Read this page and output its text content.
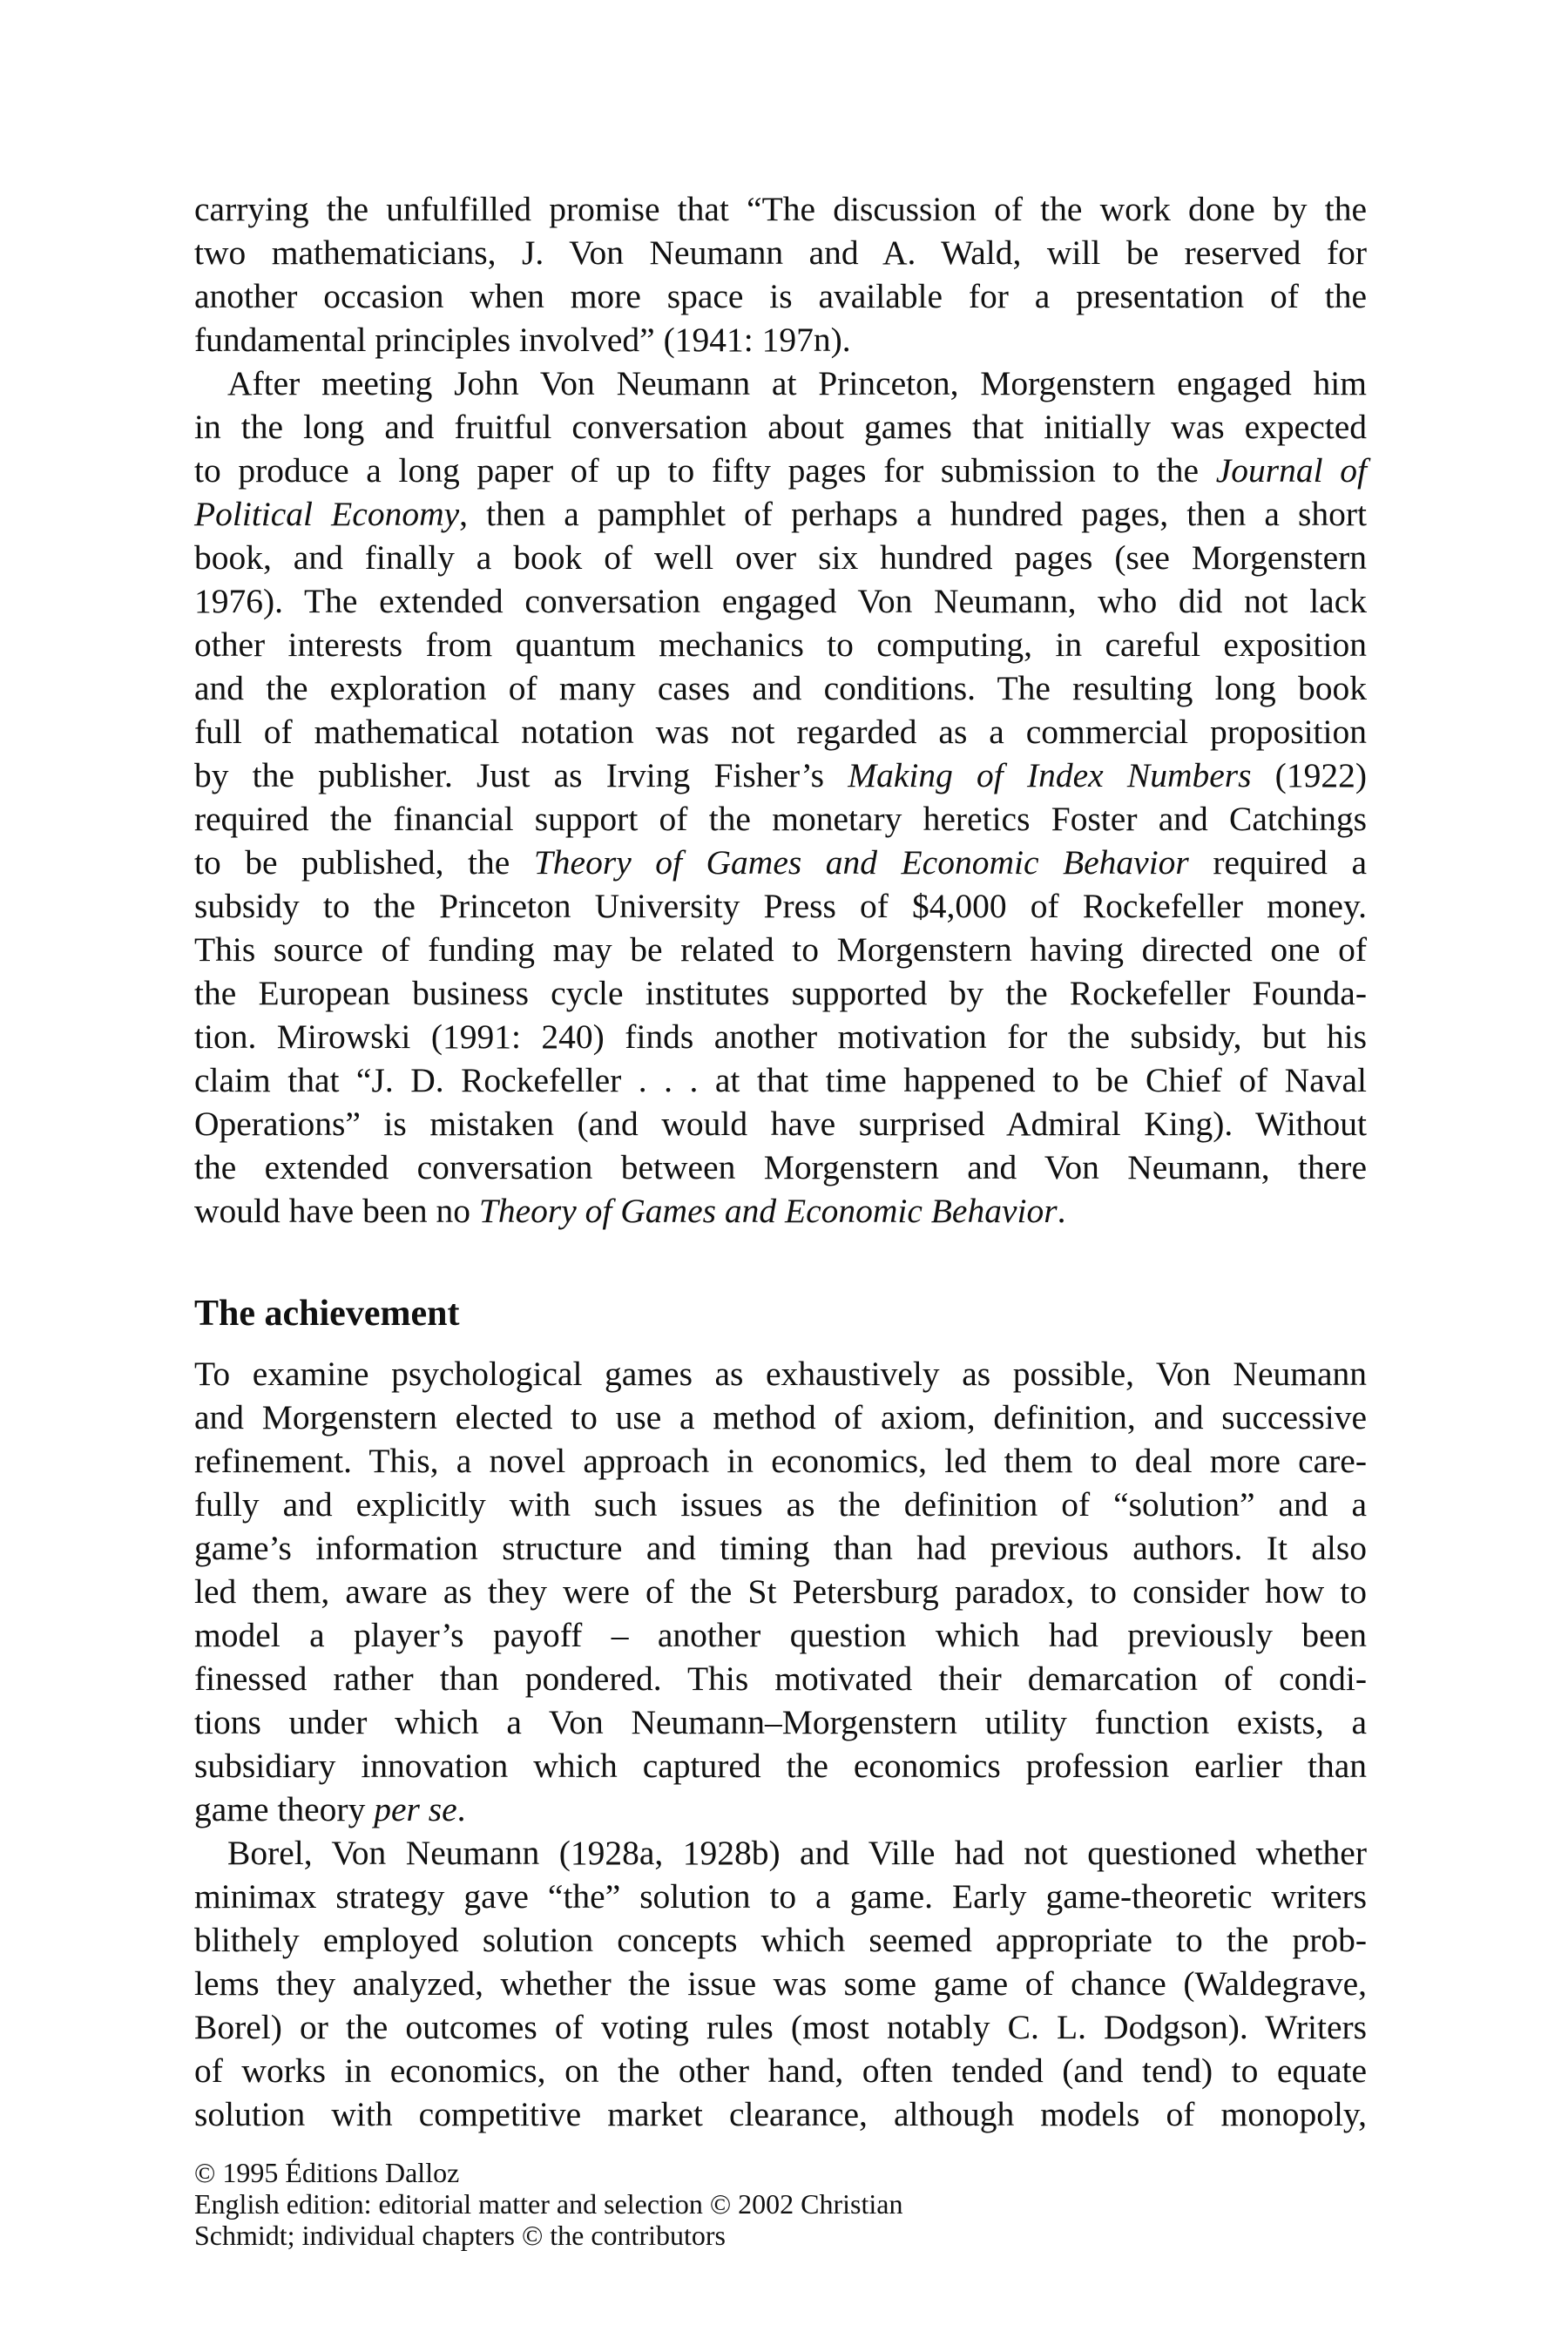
carrying the unfulfilled promise that “The discussion of the work done by the
two mathematicians, J. Von Neumann and A. Wald, will be reserved for
another occasion when more space is available for a presentation of the
fundamental principles involved” (1941: 197n).
After meeting John Von Neumann at Princeton, Morgenstern engaged him
in the long and fruitful conversation about games that initially was expected
to produce a long paper of up to fifty pages for submission to the Journal of
Political Economy, then a pamphlet of perhaps a hundred pages, then a short
book, and finally a book of well over six hundred pages (see Morgenstern
1976). The extended conversation engaged Von Neumann, who did not lack
other interests from quantum mechanics to computing, in careful exposition
and the exploration of many cases and conditions. The resulting long book
full of mathematical notation was not regarded as a commercial proposition
by the publisher. Just as Irving Fisher’s Making of Index Numbers (1922)
required the financial support of the monetary heretics Foster and Catchings
to be published, the Theory of Games and Economic Behavior required a
subsidy to the Princeton University Press of $4,000 of Rockefeller money.
This source of funding may be related to Morgenstern having directed one of
the European business cycle institutes supported by the Rockefeller Founda-
tion. Mirowski (1991: 240) finds another motivation for the subsidy, but his
claim that “J. D. Rockefeller . . . at that time happened to be Chief of Naval
Operations” is mistaken (and would have surprised Admiral King). Without
the extended conversation between Morgenstern and Von Neumann, there
would have been no Theory of Games and Economic Behavior.
The achievement
To examine psychological games as exhaustively as possible, Von Neumann
and Morgenstern elected to use a method of axiom, definition, and successive
refinement. This, a novel approach in economics, led them to deal more care-
fully and explicitly with such issues as the definition of “solution” and a
game’s information structure and timing than had previous authors. It also
led them, aware as they were of the St Petersburg paradox, to consider how to
model a player’s payoff – another question which had previously been
finessed rather than pondered. This motivated their demarcation of condi-
tions under which a Von Neumann–Morgenstern utility function exists, a
subsidiary innovation which captured the economics profession earlier than
game theory per se.
Borel, Von Neumann (1928a, 1928b) and Ville had not questioned whether
minimax strategy gave “the” solution to a game. Early game-theoretic writers
blithely employed solution concepts which seemed appropriate to the prob-
lems they analyzed, whether the issue was some game of chance (Waldegrave,
Borel) or the outcomes of voting rules (most notably C. L. Dodgson). Writers
of works in economics, on the other hand, often tended (and tend) to equate
solution with competitive market clearance, although models of monopoly,
© 1995 Éditions Dalloz
English edition: editorial matter and selection © 2002 Christian
Schmidt; individual chapters © the contributors
